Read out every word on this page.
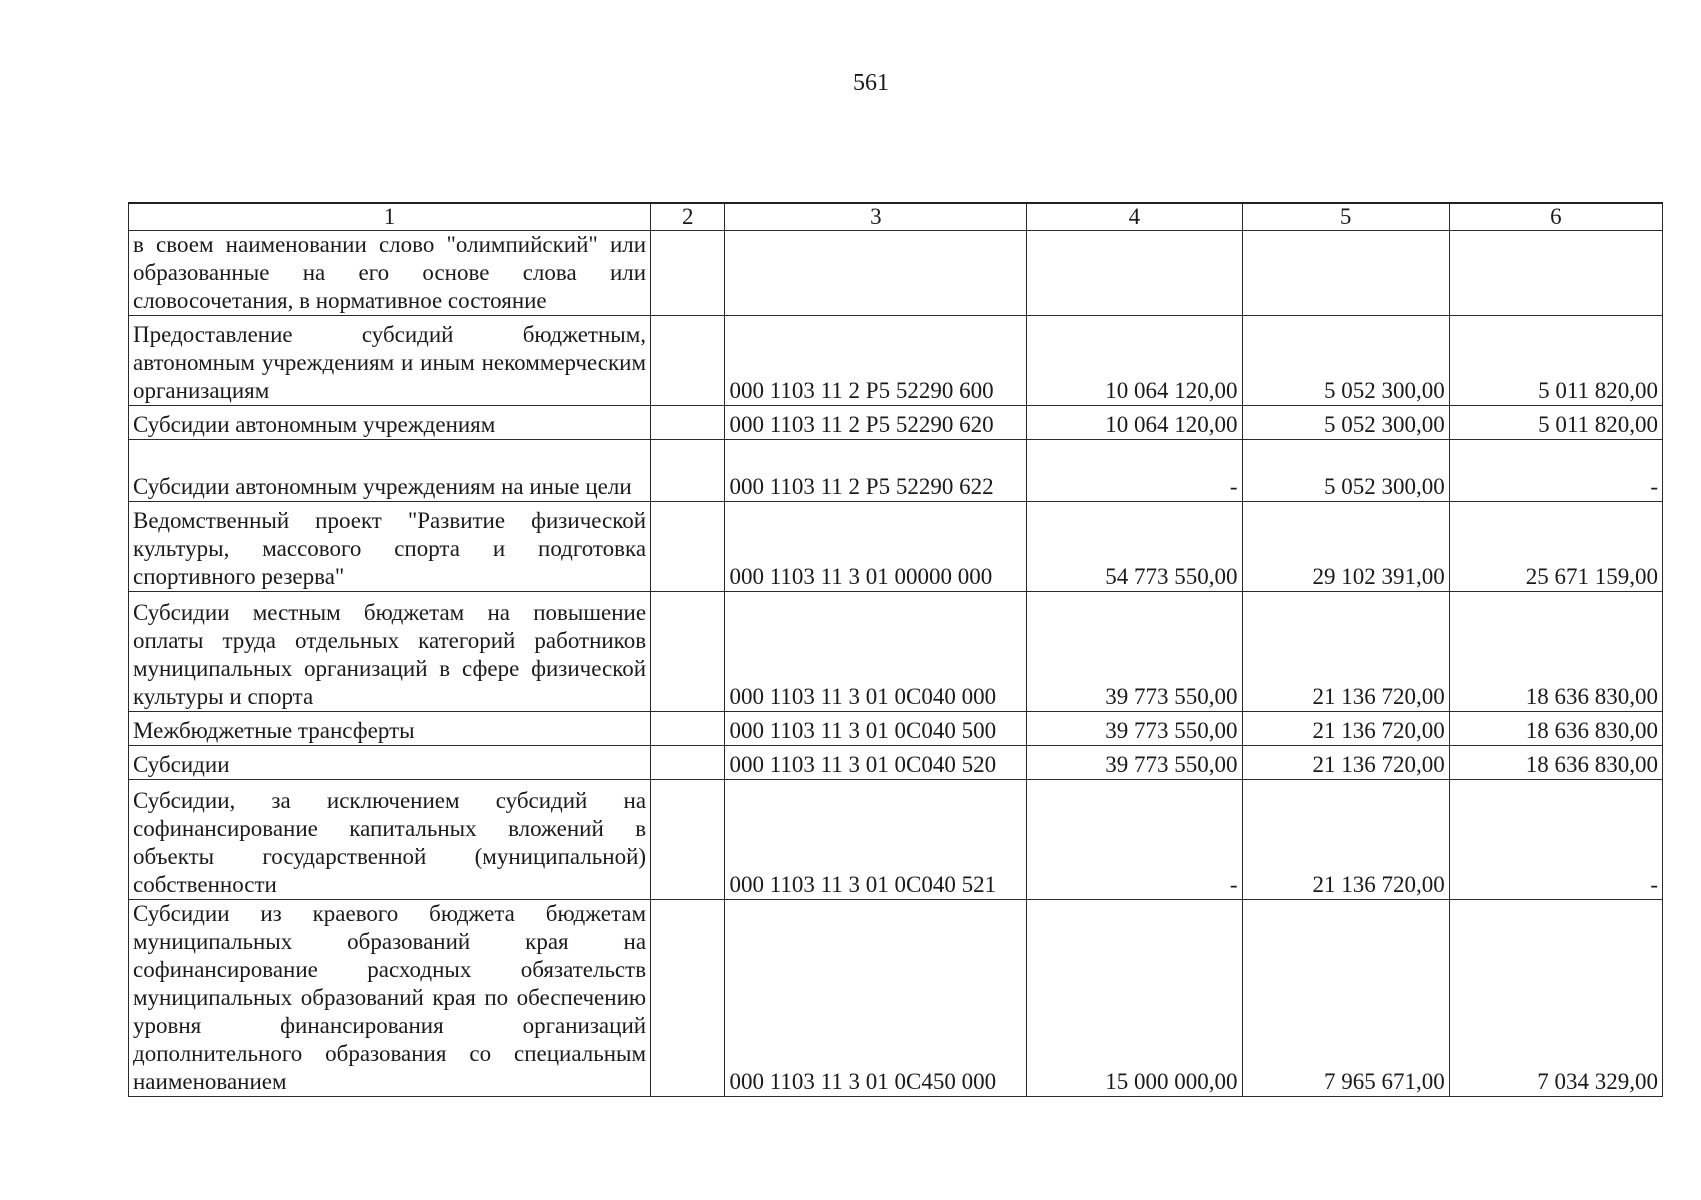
561
1	2	3	4	5	6
в своем наименовании слово "олимпийский" или образованные на его основе слова или словосочетания, в нормативное состояние					
Предоставление субсидий бюджетным, автономным учреждениям и иным некоммерческим организациям		000 1103 11 2 P5 52290 600	10 064 120,00	5 052 300,00	5 011 820,00
Субсидии автономным учреждениям		000 1103 11 2 P5 52290 620	10 064 120,00	5 052 300,00	5 011 820,00
Субсидии автономным учреждениям на иные цели		000 1103 11 2 P5 52290 622	-	5 052 300,00	-
Ведомственный проект "Развитие физической культуры, массового спорта и подготовка спортивного резерва"		000 1103 11 3 01 00000 000	54 773 550,00	29 102 391,00	25 671 159,00
Субсидии местным бюджетам на повышение оплаты труда отдельных категорий работников муниципальных организаций в сфере физической культуры и спорта		000 1103 11 3 01 0С040 000	39 773 550,00	21 136 720,00	18 636 830,00
Межбюджетные трансферты		000 1103 11 3 01 0С040 500	39 773 550,00	21 136 720,00	18 636 830,00
Субсидии		000 1103 11 3 01 0С040 520	39 773 550,00	21 136 720,00	18 636 830,00
Субсидии, за исключением субсидий на софинансирование капитальных вложений в объекты государственной (муниципальной) собственности		000 1103 11 3 01 0С040 521	-	21 136 720,00	-
Субсидии из краевого бюджета бюджетам муниципальных образований края на софинансирование расходных обязательств муниципальных образований края по обеспечению уровня финансирования организаций дополнительного образования со специальным наименованием		000 1103 11 3 01 0С450 000	15 000 000,00	7 965 671,00	7 034 329,00
